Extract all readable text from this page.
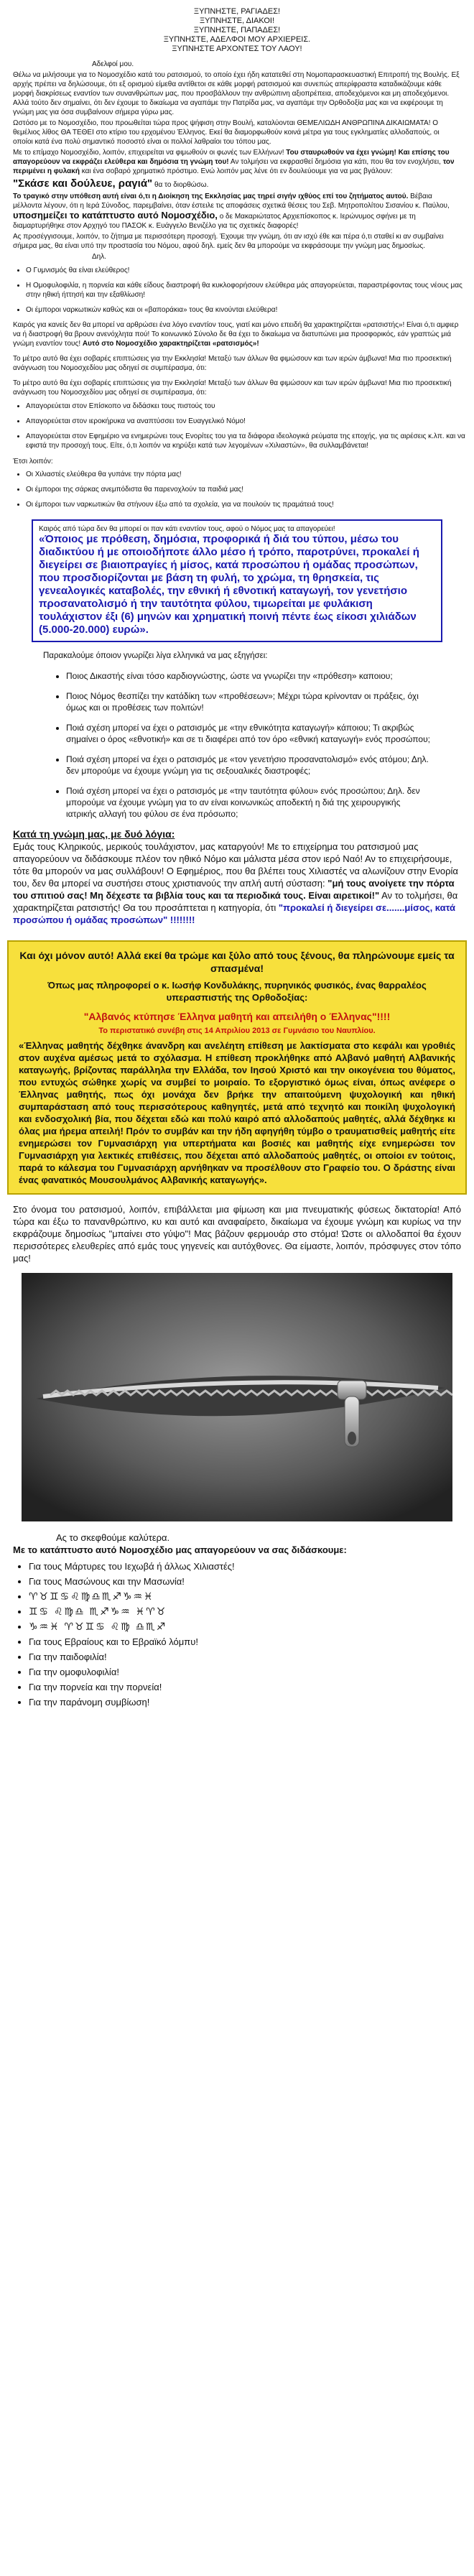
ΞΥΠΝΗΣΤΕ, ΡΑΓΙΑΔΕΣ!
ΞΥΠΝΗΣΤΕ, ΔΙΑΚΟΙ!
ΞΥΠΝΗΣΤΕ, ΠΑΠΑΔΕΣ!
ΞΥΠΝΗΣΤΕ, ΑΔΕΛΦΟΙ ΜΟΥ ΑΡΧΙΕΡΕΙΣ.
ΞΥΠΝΗΣΤΕ ΑΡΧΟΝΤΕΣ ΤΟΥ ΛΑΟΥ!

Αδελφοί μου.

Θέλω να μιλήσουμε για το Νομοσχέδιο κατά του ρατσισμού, το οποίο έχει ήδη κατατεθεί στη Νομοπαρασκευαστική Επιτροπή της Βουλής. Εξ αρχής πρέπει να δηλώσουμε, ότι εξ ορισμού είμεθα αντίθετοι σε κάθε μορφή ρατσισμού και συνεπώς απερίφραστα καταδικάζουμε κάθε μορφή διακρίσεως εναντίον των συνανθρώπων μας, που προσβάλλουν την ανθρώπινη αξιοπρέπεια, αποδεχόμενοι και μη αποδεχόμενοι. Αλλά τούτο δεν σημαίνει, ότι δεν έχουμε το δικαίωμα να αγαπάμε την Πατρίδα μας, να αγαπάμε την Ορθοδοξία μας και να εκφέρουμε τη γνώμη μας για όσα συμβαίνουν σήμερα γύρω μας.

Ωστόσο με το Νομοσχέδιο, που προωθείται τώρα προς ψήφιση στην Βουλή, καταλύονται ΘΕΜΕΛΙΩΔΗ ΑΝΘΡΩΠΙΝΑ ΔΙΚΑΙΩΜΑΤΑ! Ο θεμέλιος λίθος ΘΑ ΤΕΘΕΙ στο κτίριο του ερχομένου Έλληνος. Εκεί θα διαμορφωθούν κοινά μέτρα για τους εγκληματίες αλλοδαπούς, οι οποίοι κατά ένα πολύ σημαντικό ποσοστό είναι οι πολλοί λαθραίοι του τόπου μας.

Με το επίμαχο Νομοσχέδιο, λοιπόν, επιχειρείται να φιμωθούν οι φωνές των Ελλήνων! Του σταυρωθούν να έχει γνώμη! Και επίσης του απαγορεύουν να εκφράζει ελεύθερα και δημόσια τη γνώμη του! Αν τολμήσει να εκφρασθεί δημόσια για κάτι, που θα τον ενοχλήσει, τον περιμένει η φυλακή και ένα σοβαρό χρηματικό πρόστιμο. Ενώ λοιπόν μας λένε ότι εν δουλεύουμε για να μας βγάλουν:

"Σκάσε και δούλευε, ραγιά" θα το διορθώσω.

Το τραγικό στην υπόθεση αυτή είναι ό,τι η Διοίκηση της Εκκλησίας μας τηρεί σιγήν ιχθύος επί του ζητήματος αυτού. Βέβαια μέλλοντα λέγουν, ότι η Ιερά Σύνοδος, παρεμβαίνει, όταν έστειλε τις αποφάσεις σχετικά θέσεις του Σεβ. Μητροπολίτου Σισανίου κ. Παύλου, υποσημείζει το κατάπτυστο αυτό Νομοσχέδιο, ο δε Μακαριώτατος Αρχιεπίσκοπος κ. Ιερώνυμος σφήνει με τη διαμαρτυρήθηκε στον Αρχηγό του ΠΑΣΟΚ κ. Ευάγγελο Βενιζέλο για τις σχετικές διαφορές!

Ας προσέγγισουμε, λοιπόν, το ζήτημα με περισσότερη προσοχή. Έχουμε την γνώμη, ότι αν ισχύ έθε και πέρα ό,τι σταθεί κι αν συμβαίνει σήμερα μας, θα είναι υπό την προστασία του Νόμου, αφού δηλ. εμείς δεν θα μπορούμε να εκφράσουμε την γνώμη μας δημοσίως.

Δηλ.

• Ο Γυμνισμός θα είναι ελεύθερος!
• Η Ομοφυλοφιλία, η πορνεία και κάθε είδους διαστροφή θα κυκλοφορήσουν ελεύθερα μάς απαγορεύεται, παραστρέφοντας τους νέους μας στην ηθική ήττησή και την εξαθλίωση!
• Οι έμποροι ναρκωτικών καθώς και οι «βαποράκια» τους θα κινούνται ελεύθερα!

Καιρός για κανείς δεν θα μπορεί να αρθρώσει ένα λόγο εναντίον τους, γιατί και μόνο επειδή θα χαρακτηρίζεται «ρατσιστής»! Είναι ό,τι αμφιερ να ή διαστροφή θα βρουν ανενόχλητα πού! Το κοινωνικό Σύνολο δε θα έχει το δικαίωμα να διατυπώνει μια προσφορικός, εάν γραπτώς μιά γνώμη εναντίον τους! Αυτό στο Νομοσχέδιο χαρακτηρίζεται «ρατσισμός»!

Το μέτρο αυτό θα έχει σοβαρές επιπτώσεις για την Εκκλησία! Μεταξύ των άλλων θα φιμώσουν και των ιερών άμβωνα! Μια πιο προσεκτική ανάγνωση του Νομοσχεδίου μας οδηγεί σε συμπέρασμα, ότι:

Το μέτρο αυτό θα έχει σοβαρές επιπτώσεις για την Εκκλησία! Μεταξύ των άλλων θα φιμώσουν και των ιερών άμβωνα! Μια πιο προσεκτική ανάγνωση του Νομοσχεδίου μας οδηγεί σε συμπέρασμα, ότι:

• Απαγορεύεται στον Επίσκοπο να διδάσκει τους πιστούς του
• Απαγορεύεται στον ιεροκήρυκα να αναπτύσσει τον Ευαγγελικό Νόμο!
• Απαγορεύεται στον Εφημέριο να ενημερώνει τους Ενορίτες του για τα διάφορα ιδεολογικά ρεύματα της εποχής, για τις αιρέσεις κ.λπ. και να εφιστά την προσοχή τους. Είτε, ό,τι λοιπόν να κηρύξει κατά των λεγομένων «Χιλιαστών», θα συλλαμβάνεται!
Έτσι λοιπόν:
• Οι Χιλιαστές ελεύθερα θα γυπάνε την πόρτα μας!
• Οι έμποροι της σάρκας ανεμπόδιστα θα παρενοχλούν τα παιδιά μας!
• Οι έμποροι των ναρκωτικών θα στήνουν έξω από τα σχολεία, για να πουλούν τις πραμάτειά τους!
Καιρός από τώρα δεν θα μπορεί οι παν κάτι εναντίον τους, αφού ο Νόμος μας τα απαγορεύει!
«Όποιος με πρόθεση, δημόσια, προφορικά ή διά του τύπου, μέσω του διαδικτύου ή με οποιοδήποτε άλλο μέσο ή τρόπο, παροτρύνει, προκαλεί ή διεγείρει σε βιαιοπραγίες ή μίσος, κατά προσώπου ή ομάδας προσώπων, που προσδιορίζονται με βάση τη φυλή, το χρώμα, τη θρησκεία, τις γενεαλογικές καταβολές, την εθνική ή εθνοτική καταγωγή, τον γενετήσιο προσανατολισμό ή την ταυτότητα φύλου, τιμωρείται με φυλάκιση τουλάχιστον έξι (6) μηνών και χρηματική ποινή πέντε έως είκοσι χιλιάδων (5.000-20.000) ευρώ».
Παρακαλούμε όποιον γνωρίζει λίγα ελληνικά να μας εξηγήσει:
• Ποιος Δικαστής είναι τόσο καρδιογνώστης, ώστε να γνωρίζει την «πρόθεση» καποιου;
• Ποιος Νόμος θεσπίζει την κατάδίκη των «προθέσεων»; Μέχρι τώρα κρίνονταν οι πράξεις, όχι όμως και οι προθέσεις των πολιτών!
• Ποιά σχέση μπορεί να έχει ο ρατσισμός με «την εθνικότητα καταγωγή» κάποιου; Τι ακριβώς σημαίνει ο όρος «εθνοτική» και σε τι διαφέρει από τον όρο «εθνική καταγωγή» ενός προσώπου;
• Ποιά σχέση μπορεί να έχει ο ρατσισμός με «τον γενετήσιο προσανατολισμό» ενός ατόμου; Δηλ. δεν μπορούμε να έχουμε γνώμη για τις σεξουαλικές διαστροφές;
• Ποιά σχέση μπορεί να έχει ο ρατσισμός με «την ταυτότητα φύλου» ενός προσώπου; Δηλ. δεν μπορούμε να έχουμε γνώμη για το αν είναι κοινωνικώς αποδεκτή η διά της χειρουργικής ιατρικής αλλαγή του φύλου σε ένα πρόσωπο;
Κατά τη γνώμη μας, με δυό λόγια:
Εμάς τους Κληρικούς, μερικούς τουλάχιστον, μας καταργούν! Με το επιχείρημα του ρατσισμού μας απαγορεύουν να διδάσκουμε πλέον τον ηθικό Νόμο και μάλιστα μέσα στον ιερό Ναό! Αν το επιχειρήσουμε, τότε θα μπορούν να μας συλλάβουν! Ο Εφημέριος, που θα βλέπει τους Χιλιαστές να αλωνίζουν στην Ενορία του, δεν θα μπορεί να συστήσει στους χριστιανούς την απλή αυτή σύσταση: "μή τους ανοίγετε την πόρτα του σπιτιού σας! Μη δέχεστε τα βιβλία τους και τα περιοδικά τους. Είναι αιρετικοί!" Αν το τολμήσει, θα χαρακτηρίζεται ρατσιστής! Θα του προσάπτεται η κατηγορία, ότι "προκαλεί ή διεγείρει σε.......μίσος, κατά προσώπου ή ομάδας προσώπων" !!!!!!!!
Και όχι μόνον αυτό! Αλλά εκεί θα τρώμε και ξύλο από τους ξένους, θα πληρώνουμε εμείς τα σπασμένα!
Όπως μας πληροφορεί ο κ. Ιωσήφ Κονδυλάκης, πυρηνικός φυσικός, ένας θαρραλέος υπερασπιστής της Ορθοδοξίας:
"Αλβανός κτύπησε Έλληνα μαθητή και απειλήθη ο Έλληνας"!!!!
Το περιστατικό συνέβη στις 14 Απριλίου 2013 σε Γυμνάσιο του Ναυπλίου.
«Έλληνας μαθητής δέχθηκε άνανδρη και ανελέητη επίθεση με λακτίσματα στο κεφάλι και γροθιές στον αυχένα αμέσως μετά το σχόλασμα. Η επίθεση προκλήθηκε από Αλβανό μαθητή Αλβανικής καταγωγής, βρίζοντας παράλληλα την Ελλάδα, τον Ιησού Χριστό και την οικογένεια του θύματος, που εντυχώς σώθηκε χωρίς να συμβεί το μοιραίο. Το εξοργιστικό όμως είναι, όπως ανέφερε ο Έλληνας μαθητής, πως όχι μονάχα δεν βρήκε την απαιτούμενη ψυχολογική και ηθική συμπαράσταση από τους περισσότερους καθηγητές, μετά από τεχνητό και ποικίλη ψυχολογική και ενδοσχολική βία, που δέχεται εδώ και πολύ καιρό από αλλοδαπούς μαθητές, αλλά δέχθηκε κι όλας μια ήρεμα απειλή! Πρόν το συμβάν και την ήδη αφηγήθη τύμβο ο τραυματισθείς μαθητής είτε ενημερώσει τον Γυμνασιάρχη για υπερτήματα και βοσιές και μαθητής είχε ενημερώσει τον Γυμνασιάρχη για λεκτικές επιθέσεις, που δέχεται από αλλοδαπούς μαθητές, οι οποίοι εν τούτοις, παρά το κάλεσμα του Γυμνασιάρχη αρνήθηκαν να προσέλθουν στο Γραφείο του. Ο δράστης είναι ένας φανατικός Μουσουλμάνος Αλβανικής καταγωγής».
Στο όνομα του ρατσισμού, λοιπόν, επιβάλλεται μια φίμωση και μια πνευματικής φύσεως δικτατορία! Από τώρα και έξω το πανανθρώπινο, κυ και αυτό και αναφαίρετο, δικαίωμα να έχουμε γνώμη και κυρίως να την εκφράζουμε δημοσίως "μπαίνει στο γύψο"! Μας βάζουν φερμουάρ στο στόμα! Ώστε οι αλλοδαποί θα έχουν περισσότερες ελευθερίες από εμάς τους γηγενείς και αυτόχθονες. Θα είμαστε, λοιπόν, πρόσφυγες στον τόπο μας!
Ας το σκεφθούμε καλύτερα.
Με το κατάπτυστο αυτό Νομοσχέδιο μας απαγορεύουν να σας διδάσκουμε:
• Για τους Μάρτυρες του Ιεχωβά ή άλλως Χιλιαστές!
• Για τους Μασώνους και την Μασωνία!
• ♈︎♉︎♊︎♋︎♌︎♍︎♎︎♏︎♐︎♑︎♒︎♓︎
• ♊︎♋︎ ♌︎♍︎♎︎ ♏︎♐︎♑︎♒︎ ♓︎♈︎♉︎
• ♑︎♒︎♓︎ ♈︎♉︎♊︎♋︎ ♌︎♍︎ ♎︎♏︎♐︎
• Για τους Εβραίους και το Εβραϊκό λόμπυ!
• Για την παιδοφιλία!
• Για την ομοφυλοφιλία!
• Για την πορνεία και την πορνεία!
• Για την παράνομη συμβίωση!
